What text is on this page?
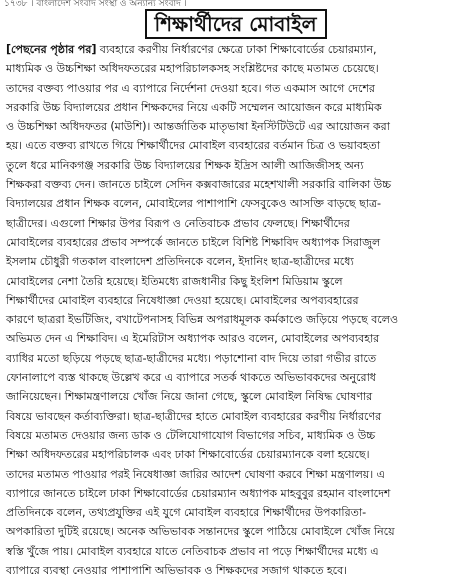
১৭৩৮ । বাংলাদেশ সংবাদ সংস্থা ও অন্যান্য সংবাদ ।
শিক্ষার্থীদের মোবাইল
[পেছনের পৃষ্ঠার পর] ব্যবহারে করণীয় নির্ধারণের ক্ষেত্রে ঢাকা শিক্ষাবোর্ডের চেয়ারম্যান,
মাধ্যমিক ও উচ্চশিক্ষা অধিদফতরের মহাপরিচালকসহ সংশ্লিষ্টদের কাছে মতামত চেয়েছে।
তাদের বক্তব্য পাওয়ার পর এ ব্যাপারে নির্দেশনা দেওয়া হবে। গত একমাস আগে দেশের
সরকারি উচ্চ বিদ্যালয়ের প্রধান শিক্ষকদের নিয়ে একটি সম্মেলন আয়োজন করে মাধ্যমিক
ও উচ্চশিক্ষা অধিদফতর (মাউশি)। আন্তর্জাতিক মাতৃভাষা ইনস্টিটিউটে এর আয়োজন করা
হয়। এতে বক্তব্য রাখতে গিয়ে শিক্ষার্থীদের মোবাইল ব্যবহারের বর্তমান চিত্র ও ভয়াবহতা
তুলে ধরে মানিকগঞ্জ সরকারি উচ্চ বিদ্যালয়ের শিক্ষক ইদ্রিস আলী আজিজীসহ অন্য
শিক্ষকরা বক্তব্য দেন। জানতে চাইলে সেদিন কক্সবাজারের মহেশখালী সরকারি বালিকা উচ্চ
বিদ্যালয়ের প্রধান শিক্ষক বলেন, মোবাইলের পাশাপাশি ফেসবুকেও আসক্তি বাড়ছে ছাত্র-
ছাত্রীদের। এগুলো শিক্ষার উপর বিরূপ ও নেতিবাচক প্রভাব ফেলছে। শিক্ষার্থীদের
মোবাইলের ব্যবহারের প্রভাব সম্পর্কে জানতে চাইলে বিশিষ্ট শিক্ষাবিদ অধ্যাপক সিরাজুল
ইসলাম চৌধুরী গতকাল বাংলাদেশ প্রতিদিনকে বলেন, ইদানিং ছাত্র-ছাত্রীদের মধ্যে
মোবাইলের নেশা তৈরি হয়েছে। ইতিমধ্যে রাজধানীর কিছু ইংলিশ মিডিয়াম স্কুলে
শিক্ষার্থীদের মোবাইল ব্যবহারে নিষেধাজ্ঞা দেওয়া হয়েছে। মোবাইলের অপব্যবহারের
কারণে ছাত্ররা ইভটিজিং, বখাটেপনাসহ বিভিন্ন অপরাধমূলক কর্মকাণ্ডে জড়িয়ে পড়ছে বলেও
অভিমত দেন এ শিক্ষাবিদ। এ ইমেরিটাস অধ্যাপক আরও বলেন, মোবাইলের অপব্যবহার
ব্যাধির মতো ছড়িয়ে পড়ছে ছাত্র-ছাত্রীদের মধ্যে। পড়াশোনা বাদ দিয়ে তারা গভীর রাতে
ফোনালাপে ব্যস্ত থাকছে উল্লেখ করে এ ব্যাপারে সতর্ক থাকতে অভিভাবকদের অনুরোধ
জানিয়েছেন। শিক্ষামন্ত্রণালয়ে খোঁজ নিয়ে জানা গেছে, স্কুলে মোবাইল নিষিদ্ধ ঘোষণার
বিষয়ে ভাবছেন কর্তাব্যক্তিরা। ছাত্র-ছাত্রীদের হাতে মোবাইল ব্যবহারের করণীয় নির্ধারণের
বিষয়ে মতামত দেওয়ার জন্য ডাক ও টেলিযোগাযোগ বিভাগের সচিব, মাধ্যমিক ও উচ্চ
শিক্ষা অধিদফতরের মহাপরিচালক এবং ঢাকা শিক্ষাবোর্ডের চেয়ারম্যানকে বলা হয়েছে।
তাদের মতামত পাওয়ার পরই নিষেধাজ্ঞা জারির আদেশ ঘোষণা করবে শিক্ষা মন্ত্রণালয়। এ
ব্যাপারে জানতে চাইলে ঢাকা শিক্ষাবোর্ডের চেয়ারম্যান অধ্যাপক মাহবুবুর রহমান বাংলাদেশ
প্রতিদিনকে বলেন, তথ্যপ্রযুক্তির এই যুগে মোবাইল ব্যবহারে শিক্ষার্থীদের উপকারিতা-
অপকারিতা দুটিই রয়েছে। অনেক অভিভাবক সন্তানদের স্কুলে পাঠিয়ে মোবাইলে খোঁজ নিয়ে
স্বস্তি খুঁজে পায়। মোবাইল ব্যবহারে যাতে নেতিবাচক প্রভাব না পড়ে শিক্ষার্থীদের মধ্যে এ
ব্যাপারে ব্যবস্থা নেওয়ার পাশাপাশি অভিভাবক ও শিক্ষকদের সজাগ থাকতে হবে।
